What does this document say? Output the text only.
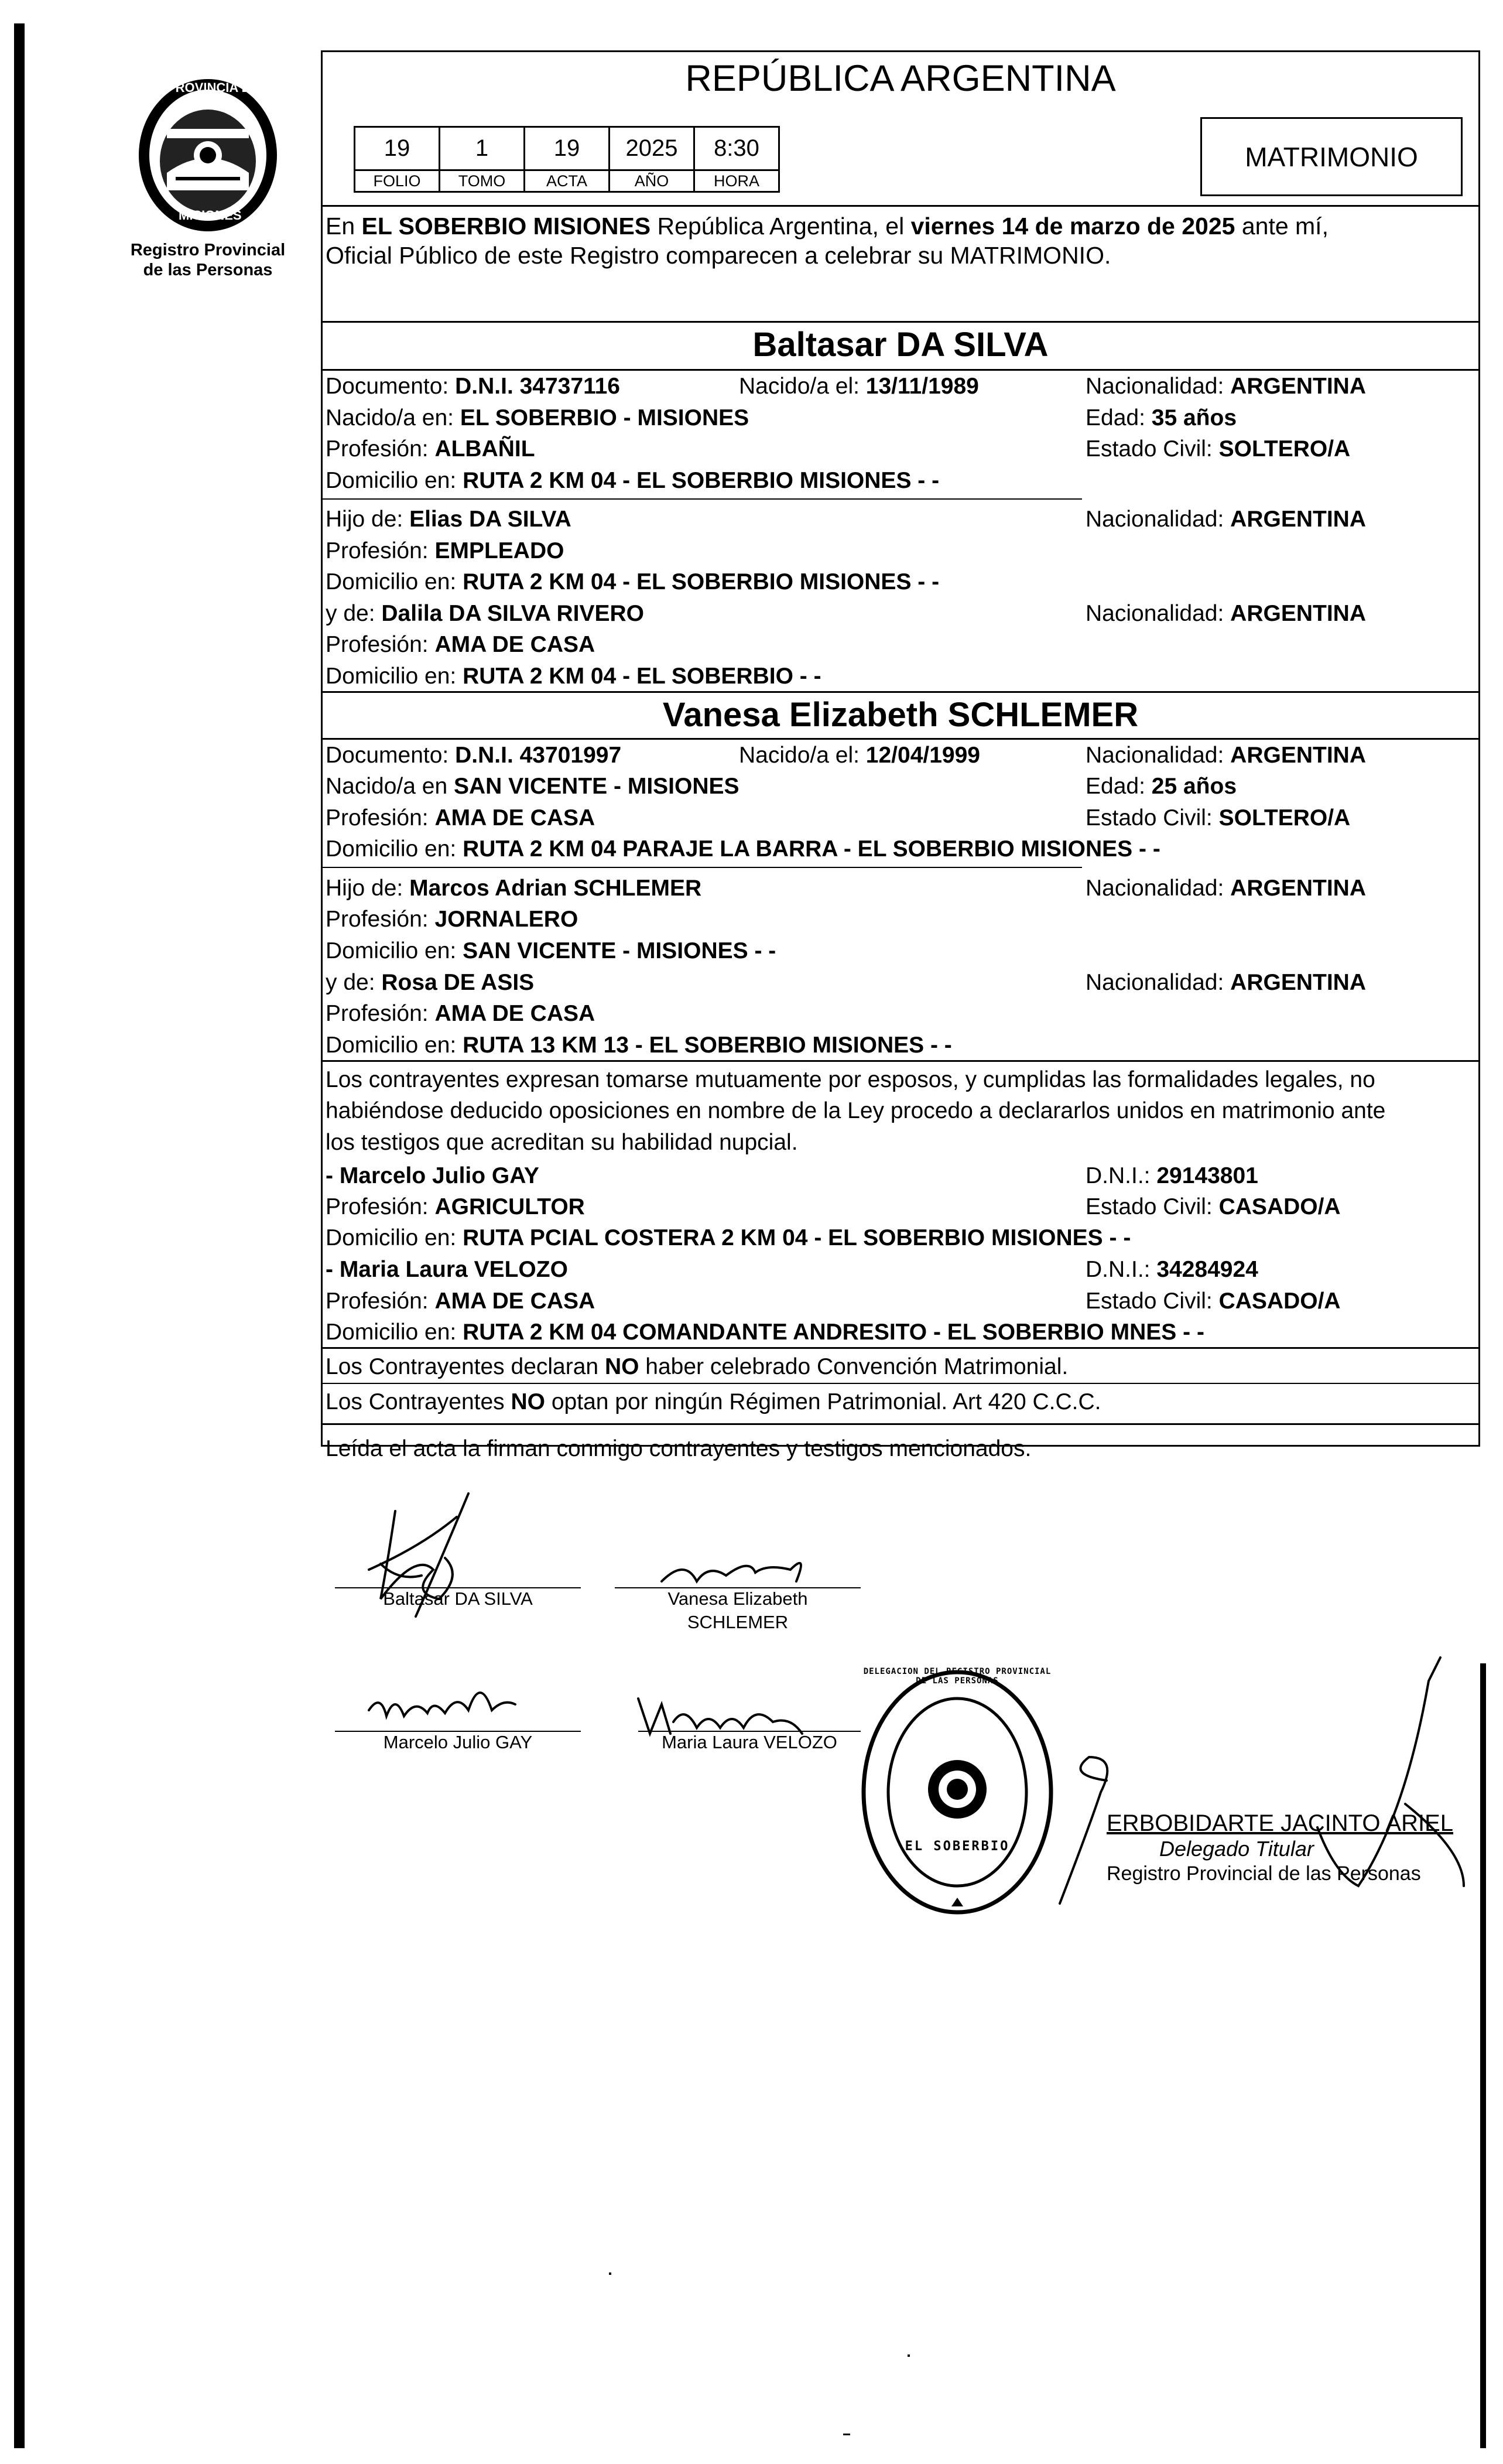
PROVINCIA DE
MISIONES
Registro Provincial
de las Personas
REPÚBLICA ARGENTINA
19	1	19	2025	8:30
FOLIO	TOMO	ACTA	AÑO	HORA
MATRIMONIO
En EL SOBERBIO MISIONES República Argentina, el viernes 14 de marzo de 2025 ante mí,
Oficial Público de este Registro comparecen a celebrar su MATRIMONIO.
Baltasar DA SILVA
Documento: D.N.I. 34737116	Nacido/a el: 13/11/1989	Nacionalidad: ARGENTINA
Nacido/a en: EL SOBERBIO - MISIONES	Edad: 35 años
Profesión: ALBAÑIL	Estado Civil: SOLTERO/A
Domicilio en: RUTA 2 KM 04 - EL SOBERBIO MISIONES - -
Hijo de: Elias DA SILVA	Nacionalidad: ARGENTINA
Profesión: EMPLEADO
Domicilio en: RUTA 2 KM 04 - EL SOBERBIO MISIONES - -
y de: Dalila DA SILVA RIVERO	Nacionalidad: ARGENTINA
Profesión: AMA DE CASA
Domicilio en: RUTA 2 KM 04 - EL SOBERBIO - -
Vanesa Elizabeth SCHLEMER
Documento: D.N.I. 43701997	Nacido/a el: 12/04/1999	Nacionalidad: ARGENTINA
Nacido/a en SAN VICENTE - MISIONES	Edad: 25 años
Profesión: AMA DE CASA	Estado Civil: SOLTERO/A
Domicilio en: RUTA 2 KM 04 PARAJE LA BARRA - EL SOBERBIO MISIONES - -
Hijo de: Marcos Adrian SCHLEMER	Nacionalidad: ARGENTINA
Profesión: JORNALERO
Domicilio en: SAN VICENTE - MISIONES - -
y de: Rosa DE ASIS	Nacionalidad: ARGENTINA
Profesión: AMA DE CASA
Domicilio en: RUTA 13 KM 13 - EL SOBERBIO MISIONES - -
Los contrayentes expresan tomarse mutuamente por esposos, y cumplidas las formalidades legales, no
habiéndose deducido oposiciones en nombre de la Ley procedo a declararlos unidos en matrimonio ante
los testigos que acreditan su habilidad nupcial.
- Marcelo Julio GAY	D.N.I.: 29143801
Profesión: AGRICULTOR	Estado Civil: CASADO/A
Domicilio en: RUTA PCIAL COSTERA 2 KM 04 - EL SOBERBIO MISIONES - -
- Maria Laura VELOZO	D.N.I.: 34284924
Profesión: AMA DE CASA	Estado Civil: CASADO/A
Domicilio en: RUTA 2 KM 04 COMANDANTE ANDRESITO - EL SOBERBIO MNES - -
Los Contrayentes declaran NO haber celebrado Convención Matrimonial.
Los Contrayentes NO optan por ningún Régimen Patrimonial. Art 420 C.C.C.
Leída el acta la firman conmigo contrayentes y testigos mencionados.
Baltasar DA SILVA	Vanesa Elizabeth
SCHLEMER
Marcelo Julio GAY	Maria Laura VELOZO
DELEGACION DEL REGISTRO PROVINCIAL DE LAS PERSONAS
EL SOBERBIO
ERBOBIDARTE JACINTO ARIEL
Delegado Titular
Registro Provincial de las Personas
